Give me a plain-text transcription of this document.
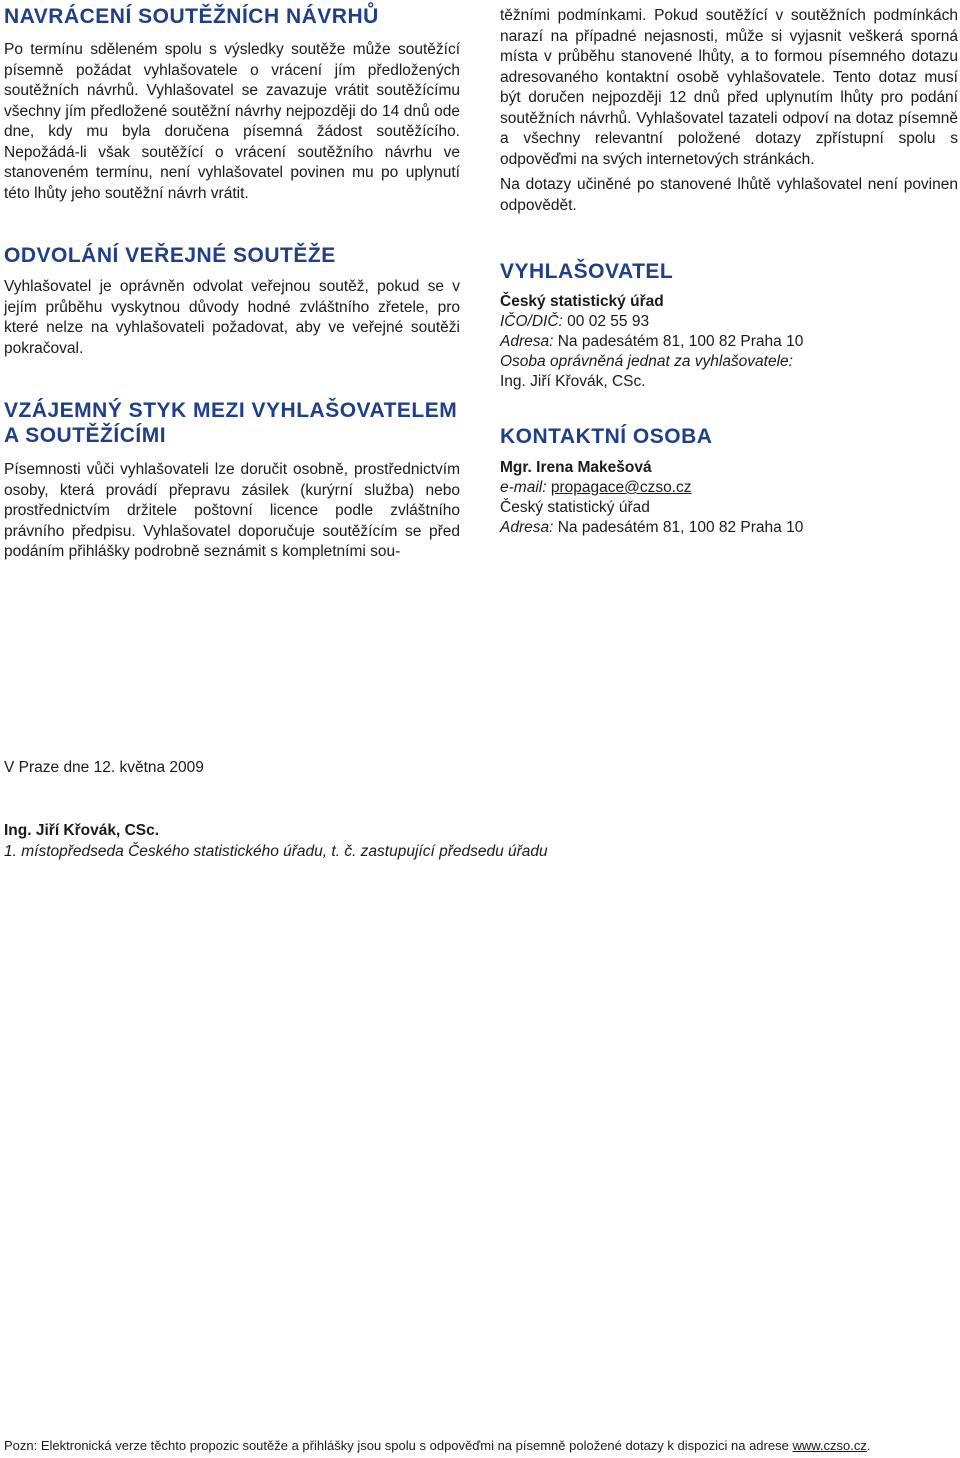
NAVRÁCENÍ SOUTĚŽNÍCH NÁVRHŮ

Po termínu sděleném spolu s výsledky soutěže může soutěžící písemně požádat vyhlašovatele o vrácení jím předložených soutěžních návrhů. Vyhlašovatel se zavazuje vrátit soutěžícímu všechny jím předložené soutěžní návrhy nejpozději do 14 dnů ode dne, kdy mu byla doručena písemná žádost soutěžícího. Nepožádá-li však soutěžící o vrácení soutěžního návrhu ve stanoveném termínu, není vyhlašovatel povinen mu po uplynutí této lhůty jeho soutěžní návrh vrátit.

ODVOLÁNÍ VEŘEJNÉ SOUTĚŽE

Vyhlašovatel je oprávněn odvolat veřejnou soutěž, pokud se v jejím průběhu vyskytnou důvody hodné zvláštního zřetele, pro které nelze na vyhlašovateli požadovat, aby ve veřejné soutěži pokračoval.

VZÁJEMNÝ STYK MEZI VYHLAŠOVATELEM
A SOUTĚŽÍCÍMI

Písemnosti vůči vyhlašovateli lze doručit osobně, prostřednictvím osoby, která provádí přepravu zásilek (kurýrní služba) nebo prostřednictvím držitele poštovní licence podle zvláštního právního předpisu. Vyhlašovatel doporučuje soutěžícím se před podáním přihlášky podrobně seznámit s kompletními sou-

těžními podmínkami. Pokud soutěžící v soutěžních podmínkách narazí na případné nejasnosti, může si vyjasnit veškerá sporná místa v průběhu stanovené lhůty, a to formou písemného dotazu adresovaného kontaktní osobě vyhlašovatele. Tento dotaz musí být doručen nejpozději 12 dnů před uplynutím lhůty pro podání soutěžních návrhů. Vyhlašovatel tazateli odpoví na dotaz písemně a všechny relevantní položené dotazy zpřístupní spolu s odpověďmi na svých internetových stránkách.

Na dotazy učiněné po stanovené lhůtě vyhlašovatel není povinen odpovědět.

VYHLAŠOVATEL
Český statistický úřad
IČO/DIČ: 00 02 55 93
Adresa: Na padesátém 81, 100 82 Praha 10
Osoba oprávněná jednat za vyhlašovatele:
Ing. Jiří Křovák, CSc.
KONTAKTNÍ OSOBA
Mgr. Irena Makešová
e-mail: propagace@czso.cz
Český statistický úřad
Adresa: Na padesátém 81, 100 82 Praha 10
V Praze dne 12. května 2009
Ing. Jiří Křovák, CSc.
1. místopředseda Českého statistického úřadu, t. č. zastupující předsedu úřadu
Pozn: Elektronická verze těchto propozic soutěže a přihlášky jsou spolu s odpověďmi na písemně položené dotazy k dispozici na adrese www.czso.cz.
